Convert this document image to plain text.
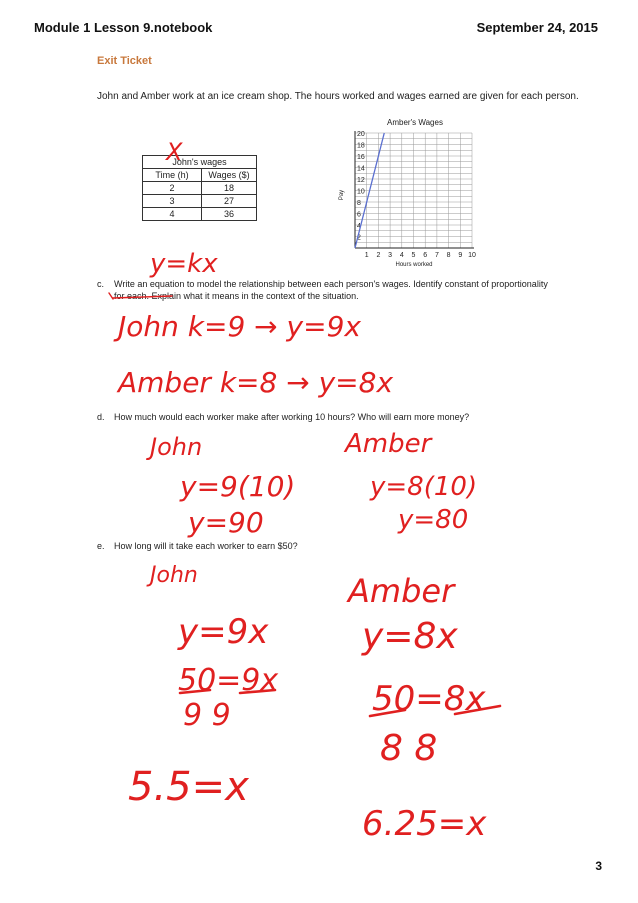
Module 1 Lesson 9.notebook	September 24, 2015
Exit Ticket
John and Amber work at an ice cream shop. The hours worked and wages earned are given for each person.
John's wages	
Time (h)	Wages ($)
2	18
3	27
4	36
c. Write an equation to model the relationship between each person's wages. Identify constant of proportionality
for each. Explain what it means in the context of the situation.
d. How much would each worker make after working 10 hours? Who will earn more money?
e. How long will it take each worker to earn $50?
Amber's Wages
Pay
Hours worked
1 2 3 4 5 6 7 8 9 10
2
4
6
8
10
12
14
16
18
20
X
y=kx
John k=9 → y=9x
Amber k=8 → y=8x
John
y=9(10)
y=90
Amber
y=8(10)
y=80
John
y=9x
50=9x
9 9
5.5=x
Amber
y=8x
50=8x
8 8
6.25=x
3
